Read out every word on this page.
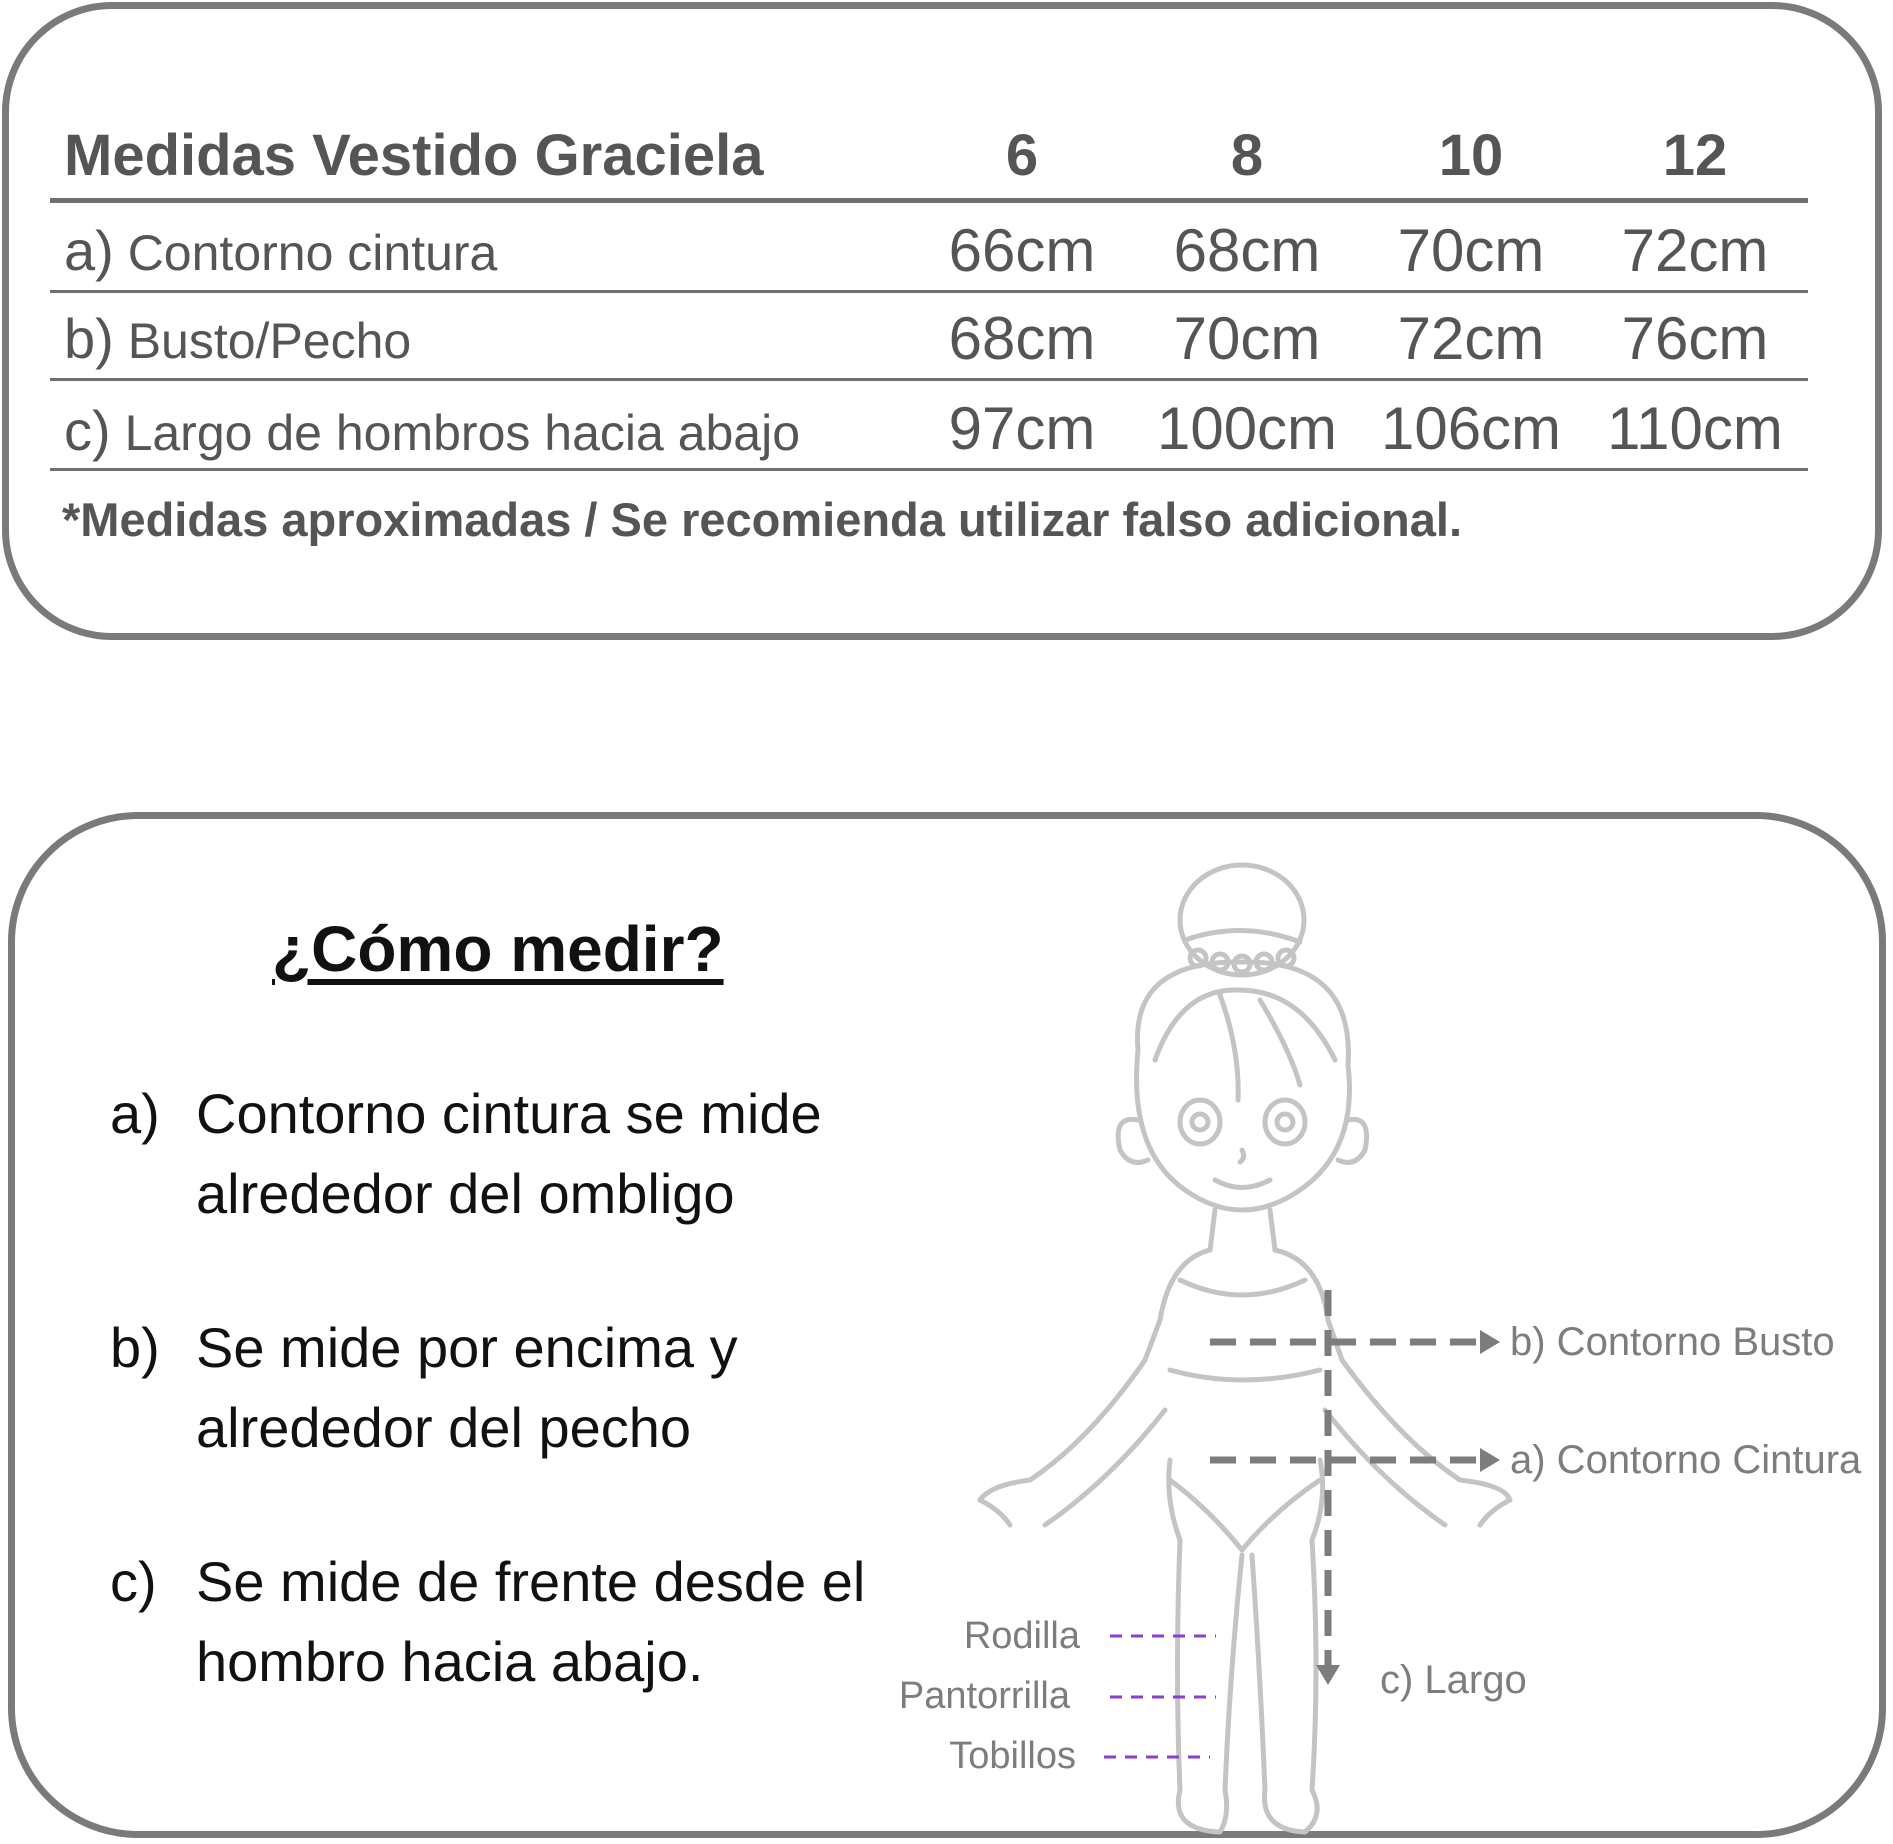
Medidas Vestido Graciela	6	8	10	12
a) Contorno cintura	66cm	68cm	70cm	72cm
b) Busto/Pecho	68cm	70cm	72cm	76cm
c) Largo de hombros hacia abajo	97cm	100cm 106cm 110cm
*Medidas aproximadas / Se recomienda utilizar falso adicional.
¿Cómo medir?
a) Contorno cintura se mide
alrededor del ombligo
b) Se mide por encima y
alrededor del pecho
c) Se mide de frente desde el
hombro hacia abajo.
b) Contorno Busto
a) Contorno Cintura
c) Largo
Rodilla
Pantorrilla
Tobillos
